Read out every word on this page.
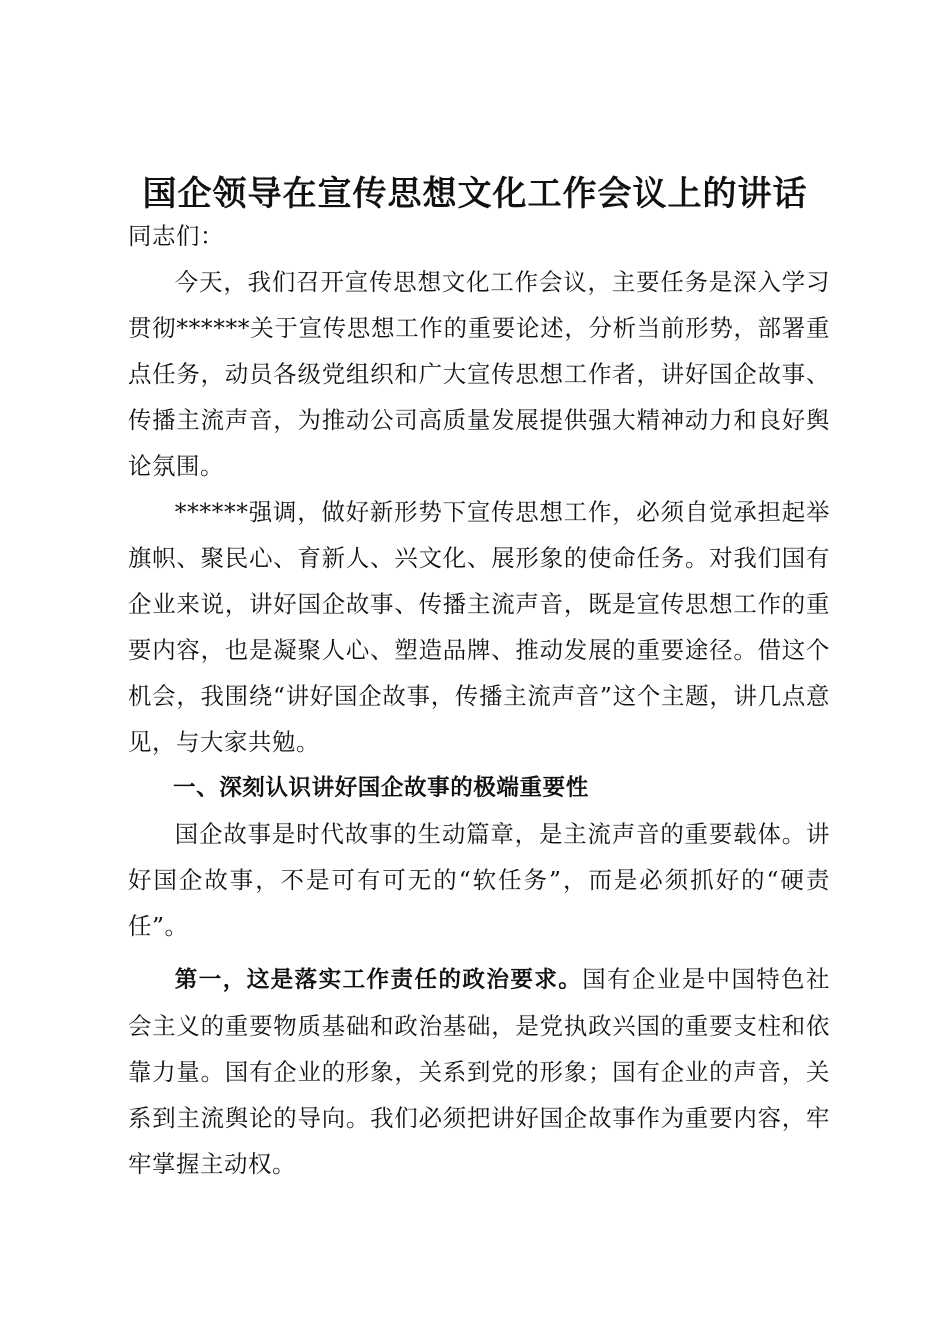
国企领导在宣传思想文化工作会议上的讲话

同志们：

今天，我们召开宣传思想文化工作会议，主要任务是深入学习贯彻******关于宣传思想工作的重要论述，分析当前形势，部署重点任务，动员各级党组织和广大宣传思想工作者，讲好国企故事、传播主流声音，为推动公司高质量发展提供强大精神动力和良好舆论氛围。

******强调，做好新形势下宣传思想工作，必须自觉承担起举旗帜、聚民心、育新人、兴文化、展形象的使命任务。对我们国有企业来说，讲好国企故事、传播主流声音，既是宣传思想工作的重要内容，也是凝聚人心、塑造品牌、推动发展的重要途径。借这个机会，我围绕“讲好国企故事，传播主流声音”这个主题，讲几点意见，与大家共勉。

一、深刻认识讲好国企故事的极端重要性

国企故事是时代故事的生动篇章，是主流声音的重要载体。讲好国企故事，不是可有可无的“软任务”，而是必须抓好的“硬责任”。

第一，这是落实工作责任的政治要求。国有企业是中国特色社会主义的重要物质基础和政治基础，是党执政兴国的重要支柱和依靠力量。国有企业的形象，关系到党的形象；国有企业的声音，关系到主流舆论的导向。我们必须把讲好国企故事作为重要内容，牢牢掌握主动权。
